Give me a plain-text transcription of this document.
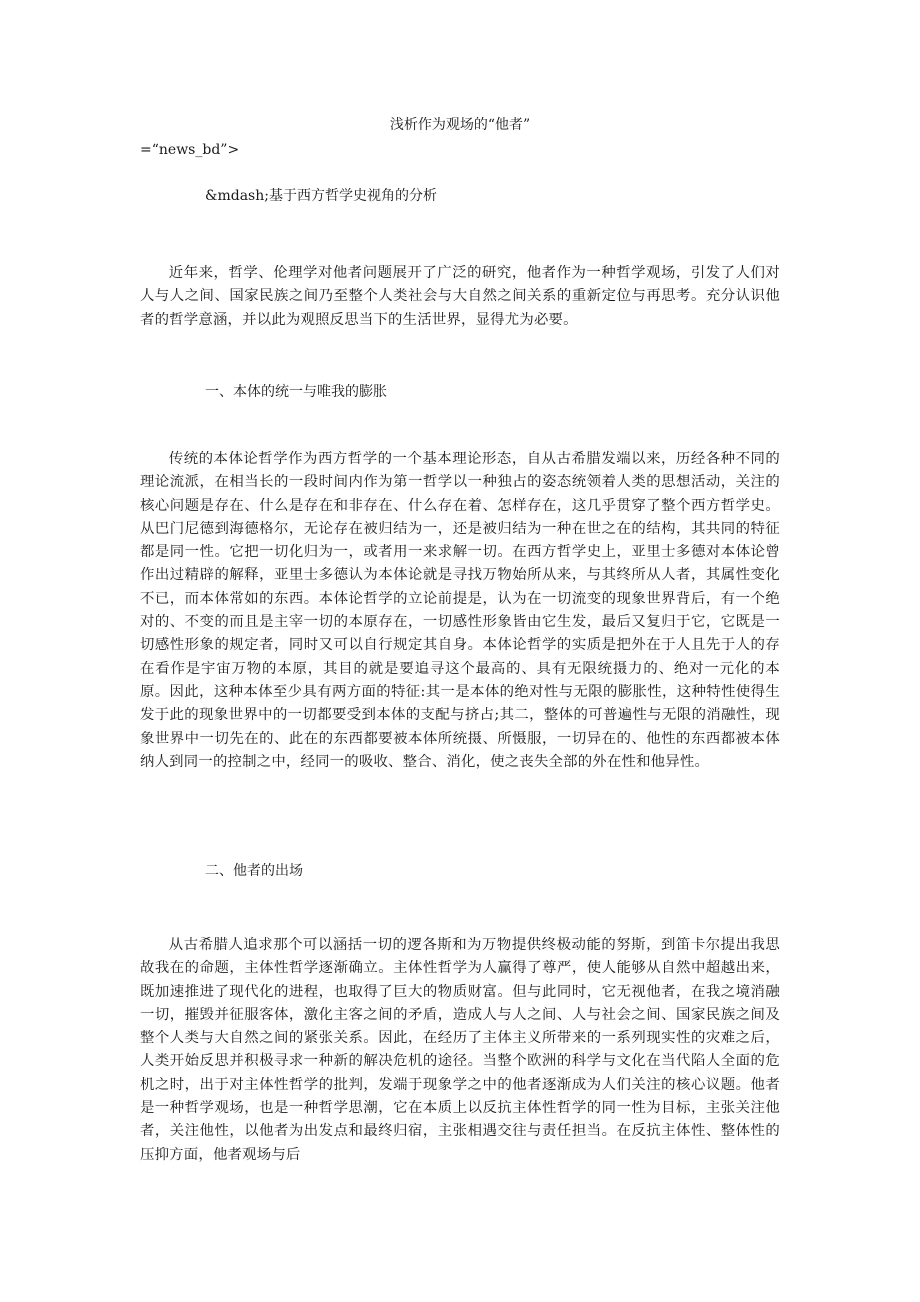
浅析作为观场的“他者”
=“news_bd”>
&mdash;基于西方哲学史视角的分析

近年来，哲学、伦理学对他者问题展开了广泛的研究，他者作为一种哲学观场，引发了人们对人与人之间、国家民族之间乃至整个人类社会与大自然之间关系的重新定位与再思考。充分认识他者的哲学意涵，并以此为观照反思当下的生活世界，显得尤为必要。

一、本体的统一与唯我的膨胀

传统的本体论哲学作为西方哲学的一个基本理论形态，自从古希腊发端以来，历经各种不同的理论流派，在相当长的一段时间内作为第一哲学以一种独占的姿态统领着人类的思想活动，关注的核心问题是存在、什么是存在和非存在、什么存在着、怎样存在，这几乎贯穿了整个西方哲学史。从巴门尼德到海德格尔，无论存在被归结为一，还是被归结为一种在世之在的结构，其共同的特征都是同一性。它把一切化归为一，或者用一来求解一切。在西方哲学史上，亚里士多德对本体论曾作出过精辟的解释，亚里士多德认为本体论就是寻找万物始所从来，与其终所从人者，其属性变化不已，而本体常如的东西。本体论哲学的立论前提是，认为在一切流变的现象世界背后，有一个绝对的、不变的而且是主宰一切的本原存在，一切感性形象皆由它生发，最后又复归于它，它既是一切感性形象的规定者，同时又可以自行规定其自身。本体论哲学的实质是把外在于人且先于人的存在看作是宇宙万物的本原，其目的就是要追寻这个最高的、具有无限统摄力的、绝对一元化的本原。因此，这种本体至少具有两方面的特征:其一是本体的绝对性与无限的膨胀性，这种特性使得生发于此的现象世界中的一切都要受到本体的支配与挤占;其二，整体的可普遍性与无限的消融性，现象世界中一切先在的、此在的东西都要被本体所统摄、所慑服，一切异在的、他性的东西都被本体纳人到同一的控制之中，经同一的吸收、整合、消化，使之丧失全部的外在性和他异性。

二、他者的出场

从古希腊人追求那个可以涵括一切的逻各斯和为万物提供终极动能的努斯，到笛卡尔提出我思故我在的命题，主体性哲学逐渐确立。主体性哲学为人赢得了尊严，使人能够从自然中超越出来，既加速推进了现代化的进程，也取得了巨大的物质财富。但与此同时，它无视他者，在我之境消融一切，摧毁并征服客体，激化主客之间的矛盾，造成人与人之间、人与社会之间、国家民族之间及整个人类与大自然之间的紧张关系。因此，在经历了主体主义所带来的一系列现实性的灾难之后，人类开始反思并积极寻求一种新的解决危机的途径。当整个欧洲的科学与文化在当代陷人全面的危机之时，出于对主体性哲学的批判，发端于现象学之中的他者逐渐成为人们关注的核心议题。他者是一种哲学观场，也是一种哲学思潮，它在本质上以反抗主体性哲学的同一性为目标，主张关注他者，关注他性，以他者为出发点和最终归宿，主张相遇交往与责任担当。在反抗主体性、整体性的压抑方面，他者观场与后
